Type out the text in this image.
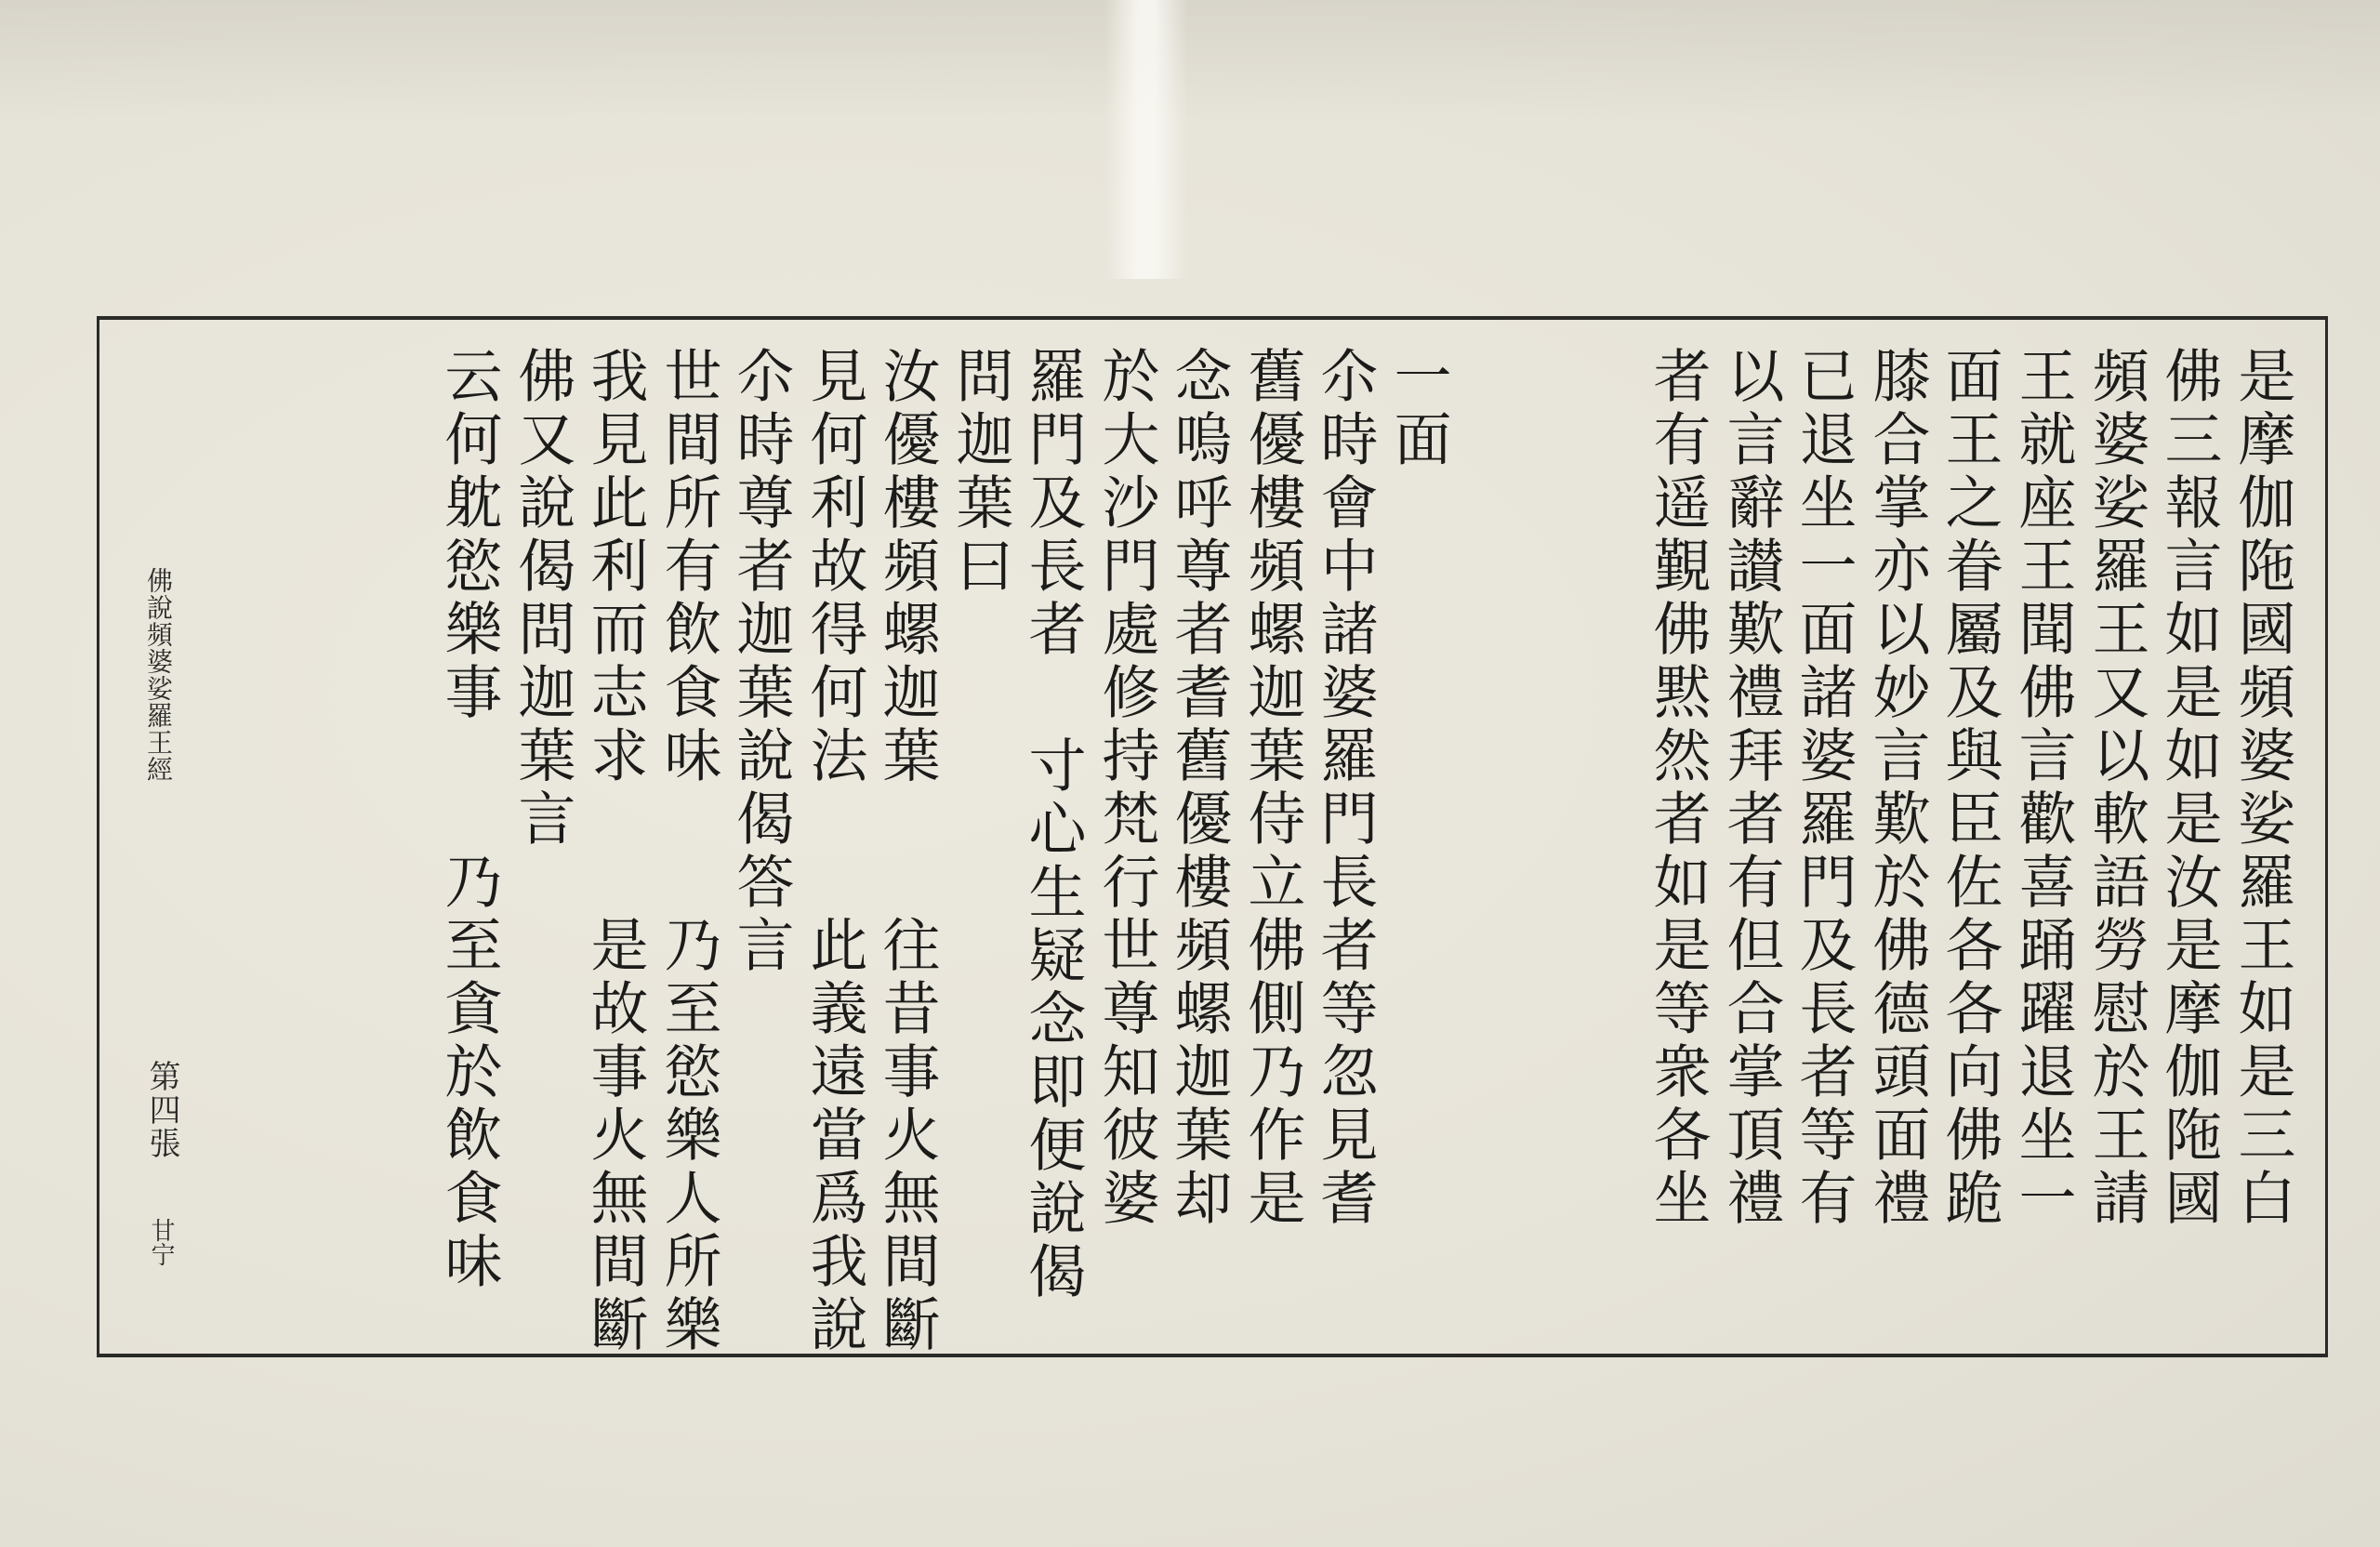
是摩伽陁國頻婆娑羅王如是三白
佛三報言如是如是汝是摩伽陁國
頻婆娑羅王又以軟語勞慰於王請
王就座王聞佛言歡喜踊躍退坐一
面王之眷屬及與臣佐各各向佛跪
膝合掌亦以妙言歎於佛德頭面禮
已退坐一面諸婆羅門及長者等有
以言辭讃歎禮拜者有但合掌頂禮
者有遥覲佛黙然者如是等衆各坐
一面
尒時會中諸婆羅門長者等忽見耆
舊優樓頻螺迦葉侍立佛側乃作是
念嗚呼尊者耆舊優樓頻螺迦葉却
於大沙門處修持梵行世尊知彼婆
羅門及長者 寸心生疑念即便說偈
問迦葉曰
汝優樓頻螺迦葉　　往昔事火無間斷
見何利故得何法　　此義遠當爲我說
尒時尊者迦葉說偈答言
世間所有飲食味　　乃至慾樂人所樂
我見此利而志求　　是故事火無間斷
佛又說偈問迦葉言
云何躭慾樂事　　乃至貪於飲食味
佛說頻婆娑羅王經
第四張
甘宁
